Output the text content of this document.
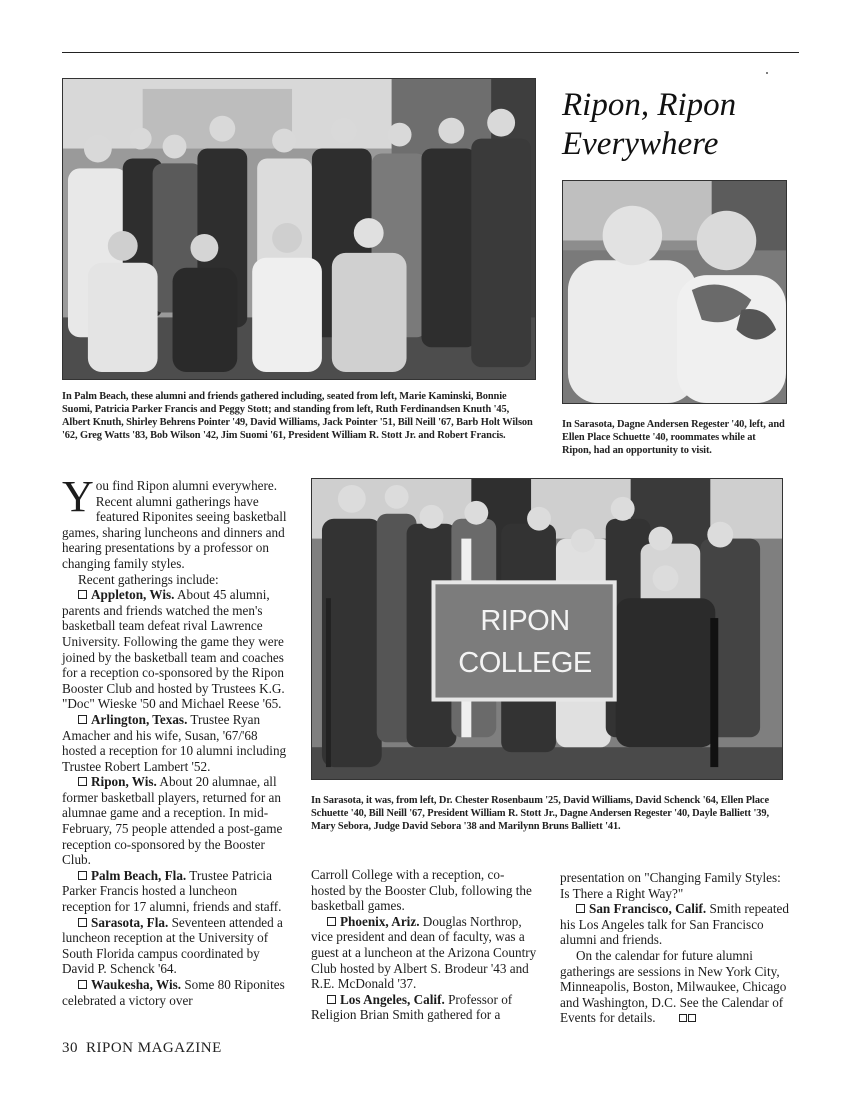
Ripon, Ripon
Everywhere
In Palm Beach, these alumni and friends gathered including, seated from left, Marie Kaminski, Bonnie Suomi, Patricia Parker Francis and Peggy Stott; and standing from left, Ruth Ferdinandsen Knuth '45, Albert Knuth, Shirley Behrens Pointer '49, David Williams, Jack Pointer '51, Bill Neill '67, Barb Holt Wilson '62, Greg Watts '83, Bob Wilson '42, Jim Suomi '61, President William R. Stott Jr. and Robert Francis.
In Sarasota, Dagne Andersen Regester '40, left, and Ellen Place Schuette '40, roommates while at Ripon, had an opportunity to visit.
RIPON
COLLEGE
In Sarasota, it was, from left, Dr. Chester Rosenbaum '25, David Williams, David Schenck '64, Ellen Place Schuette '40, Bill Neill '67, President William R. Stott Jr., Dagne Andersen Regester '40, Dayle Balliett '39, Mary Sebora, Judge David Sebora '38 and Marilynn Bruns Balliett '41.

You find Ripon alumni everywhere. Recent alumni gatherings have featured Riponites seeing basketball games, sharing luncheons and dinners and hearing presentations by a professor on changing family styles.

Recent gatherings include:

Appleton, Wis. About 45 alumni, parents and friends watched the men's basketball team defeat rival Lawrence University. Following the game they were joined by the basketball team and coaches for a reception co-sponsored by the Ripon Booster Club and hosted by Trustees K.G. "Doc" Wieske '50 and Michael Reese '65.

Arlington, Texas. Trustee Ryan Amacher and his wife, Susan, '67/'68 hosted a reception for 10 alumni including Trustee Robert Lambert '52.

Ripon, Wis. About 20 alumnae, all former basketball players, returned for an alumnae game and a reception. In mid-February, 75 people attended a post-game reception co-sponsored by the Booster Club.

Palm Beach, Fla. Trustee Patricia Parker Francis hosted a luncheon reception for 17 alumni, friends and staff.

Sarasota, Fla. Seventeen attended a luncheon reception at the University of South Florida campus coordinated by David P. Schenck '64.

Waukesha, Wis. Some 80 Riponites celebrated a victory over

Carroll College with a reception, co-hosted by the Booster Club, following the basketball games.

Phoenix, Ariz. Douglas Northrop, vice president and dean of faculty, was a guest at a luncheon at the Arizona Country Club hosted by Albert S. Brodeur '43 and R.E. McDonald '37.

Los Angeles, Calif. Professor of Religion Brian Smith gathered for a

presentation on "Changing Family Styles: Is There a Right Way?"

San Francisco, Calif. Smith repeated his Los Angeles talk for San Francisco alumni and friends.

On the calendar for future alumni gatherings are sessions in New York City, Minneapolis, Boston, Milwaukee, Chicago and Washington, D.C. See the Calendar of Events for details.

30 RIPON MAGAZINE
